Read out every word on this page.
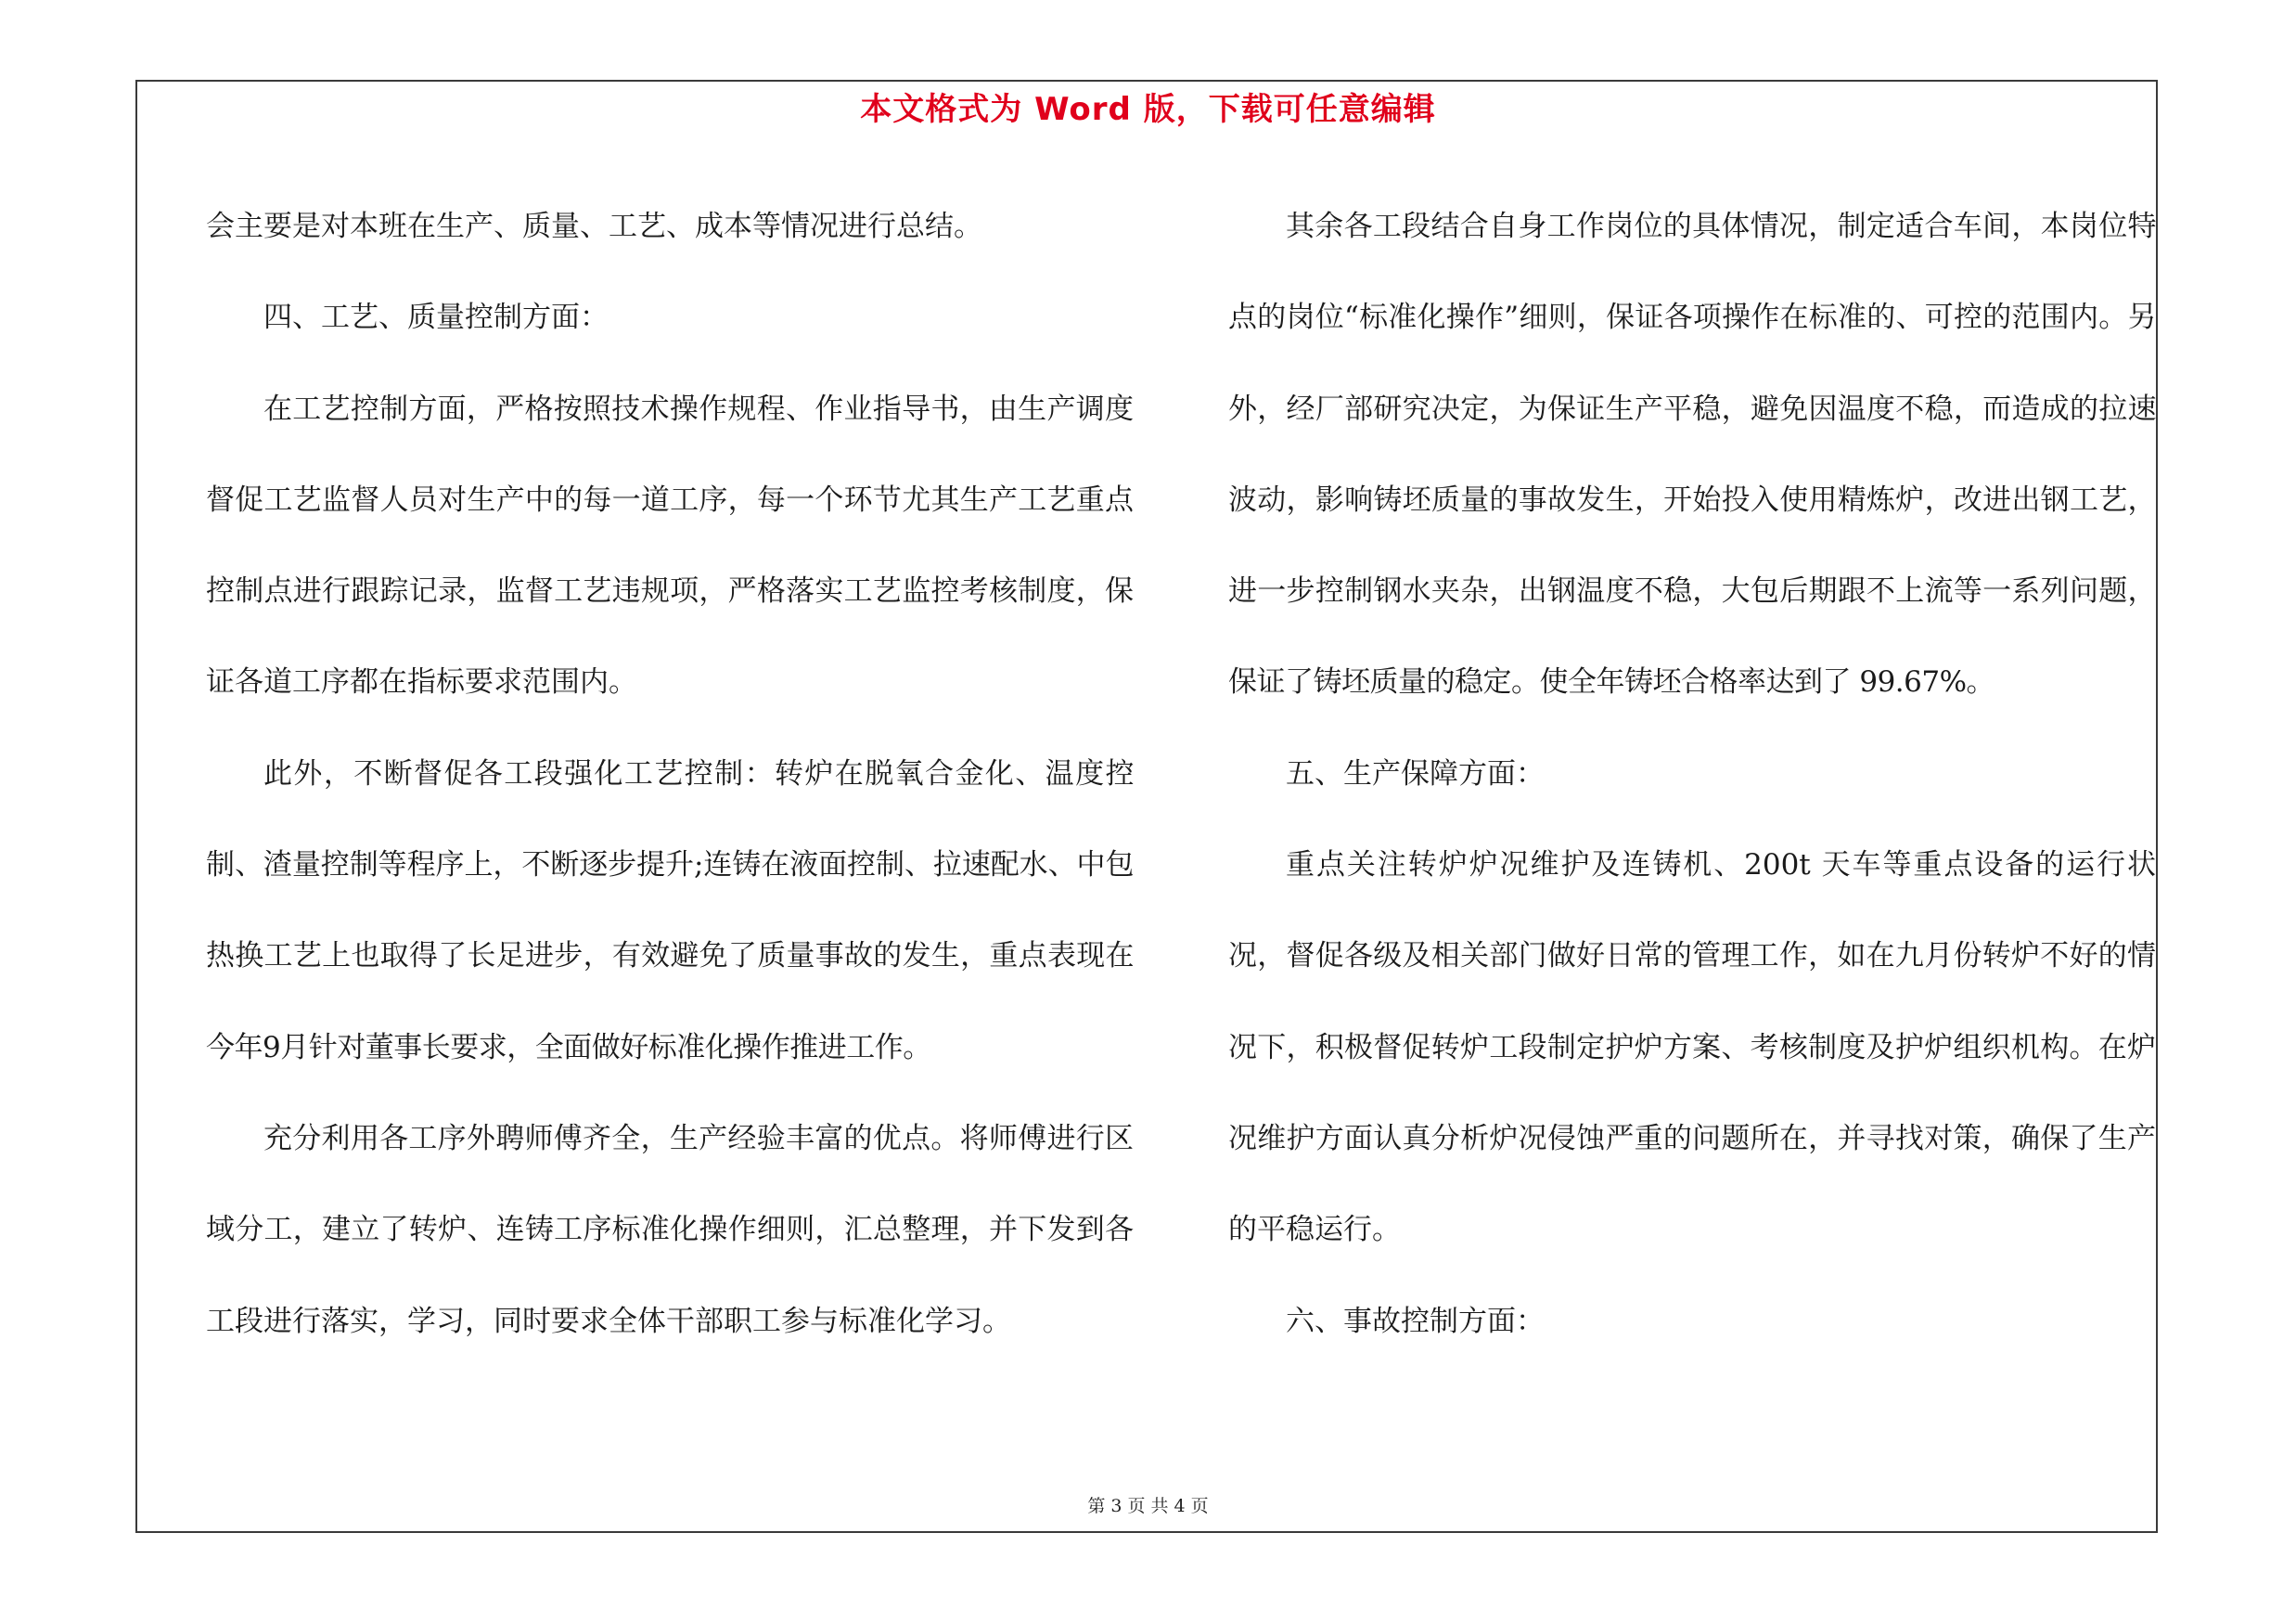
本文格式为 Word 版，下载可任意编辑

会主要是对本班在生产、质量、工艺、成本等情况进行总结。

四、工艺、质量控制方面：

在工艺控制方面，严格按照技术操作规程、作业指导书，由生产调度督促工艺监督人员对生产中的每一道工序，每一个环节尤其生产工艺重点控制点进行跟踪记录，监督工艺违规项，严格落实工艺监控考核制度，保证各道工序都在指标要求范围内。

此外，不断督促各工段强化工艺控制：转炉在脱氧合金化、温度控制、渣量控制等程序上，不断逐步提升;连铸在液面控制、拉速配水、中包热换工艺上也取得了长足进步，有效避免了质量事故的发生，重点表现在今年9月针对董事长要求，全面做好标准化操作推进工作。

充分利用各工序外聘师傅齐全，生产经验丰富的优点。将师傅进行区域分工，建立了转炉、连铸工序标准化操作细则，汇总整理，并下发到各工段进行落实，学习，同时要求全体干部职工参与标准化学习。

其余各工段结合自身工作岗位的具体情况，制定适合车间，本岗位特点的岗位“标准化操作”细则，保证各项操作在标准的、可控的范围内。另外，经厂部研究决定，为保证生产平稳，避免因温度不稳，而造成的拉速波动，影响铸坯质量的事故发生，开始投入使用精炼炉，改进出钢工艺，进一步控制钢水夹杂，出钢温度不稳，大包后期跟不上流等一系列问题，保证了铸坯质量的稳定。使全年铸坯合格率达到了 99.67%。

五、生产保障方面：

重点关注转炉炉况维护及连铸机、200t 天车等重点设备的运行状况，督促各级及相关部门做好日常的管理工作，如在九月份转炉不好的情况下，积极督促转炉工段制定护炉方案、考核制度及护炉组织机构。在炉况维护方面认真分析炉况侵蚀严重的问题所在，并寻找对策，确保了生产的平稳运行。

六、事故控制方面：

第 3 页 共 4 页
